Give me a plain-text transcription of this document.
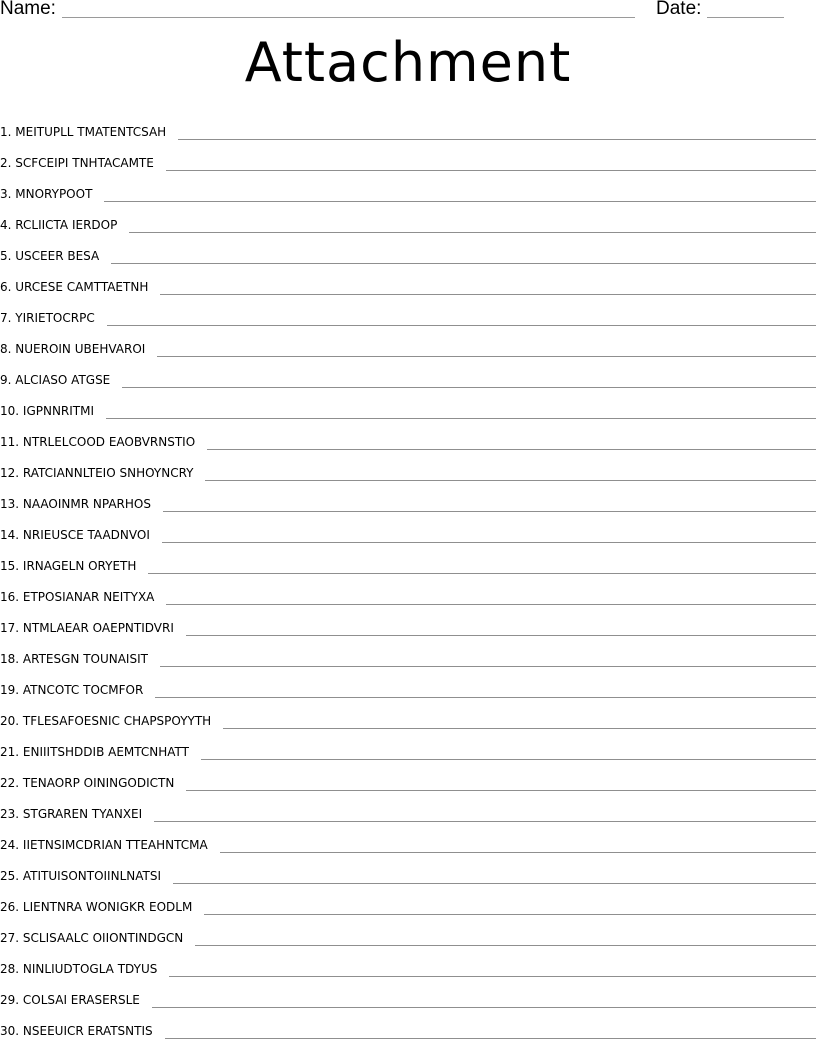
Name:	Date:
Attachment
1. MEITUPLL TMATENTCSAH
2. SCFCEIPI TNHTACAMTE
3. MNORYPOOT
4. RCLIICTA IERDOP
5. USCEER BESA
6. URCESE CAMTTAETNH
7. YIRIETOCRPC
8. NUEROIN UBEHVAROI
9. ALCIASO ATGSE
10. IGPNNRITMI
11. NTRLELCOOD EAOBVRNSTIO
12. RATCIANNLTEIO SNHOYNCRY
13. NAAOINMR NPARHOS
14. NRIEUSCE TAADNVOI
15. IRNAGELN ORYETH
16. ETPOSIANAR NEITYXA
17. NTMLAEAR OAEPNTIDVRI
18. ARTESGN TOUNAISIT
19. ATNCOTC TOCMFOR
20. TFLESAFOESNIC CHAPSPOYYTH
21. ENIIITSHDDIB AEMTCNHATT
22. TENAORP OININGODICTN
23. STGRAREN TYANXEI
24. IIETNSIMCDRIAN TTEAHNTCMA
25. ATITUISONTOIINLNATSI
26. LIENTNRA WONIGKR EODLM
27. SCLISAALC OIIONTINDGCN
28. NINLIUDTOGLA TDYUS
29. COLSAI ERASERSLE
30. NSEEUICR ERATSNTIS
